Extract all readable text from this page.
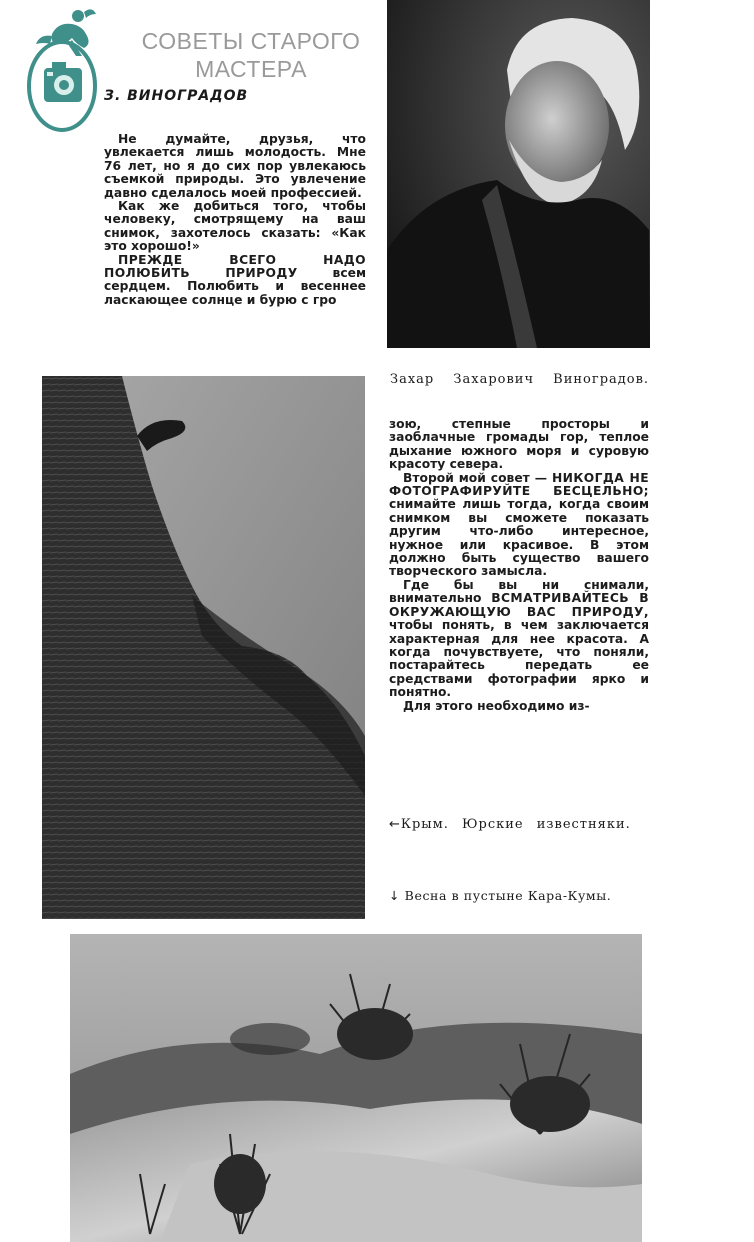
СОВЕТЫ СТАРОГО
МАСТЕРА
З. ВИНОГРАДОВ

Не думайте, друзья, что увлекается лишь молодость. Мне 76 лет, но я до сих пор увлекаюсь съемкой природы. Это увлечение давно сделалось моей профессией.

Как же добиться того, чтобы человеку, смотрящему на ваш снимок, захотелось сказать: «Как это хорошо!»

ПРЕЖДЕ ВСЕГО НАДО ПОЛЮБИТЬ ПРИРОДУ всем сердцем. Полюбить и весеннее ласкающее солнце и бурю с гро

Захар Захарович Виноградов.

зою, степные просторы и заоблачные громады гор, теплое дыхание южного моря и суровую красоту севера.

Второй мой совет — НИКОГДА НЕ ФОТОГРАФИРУЙТЕ БЕСЦЕЛЬНО; снимайте лишь тогда, когда своим снимком вы сможете показать другим что-либо интересное, нужное или красивое. В этом должно быть существо вашего творческого замысла.

Где бы вы ни снимали, внимательно ВСМАТРИВАЙТЕСЬ В ОКРУЖАЮЩУЮ ВАС ПРИРОДУ, чтобы понять, в чем заключается характерная для нее красота. А когда почувствуете, что поняли, постарайтесь передать ее средствами фотографии ярко и понятно.

Для этого необходимо из-

←Крым. Юрские известняки.
↓ Весна в пустыне Кара-Кумы.
